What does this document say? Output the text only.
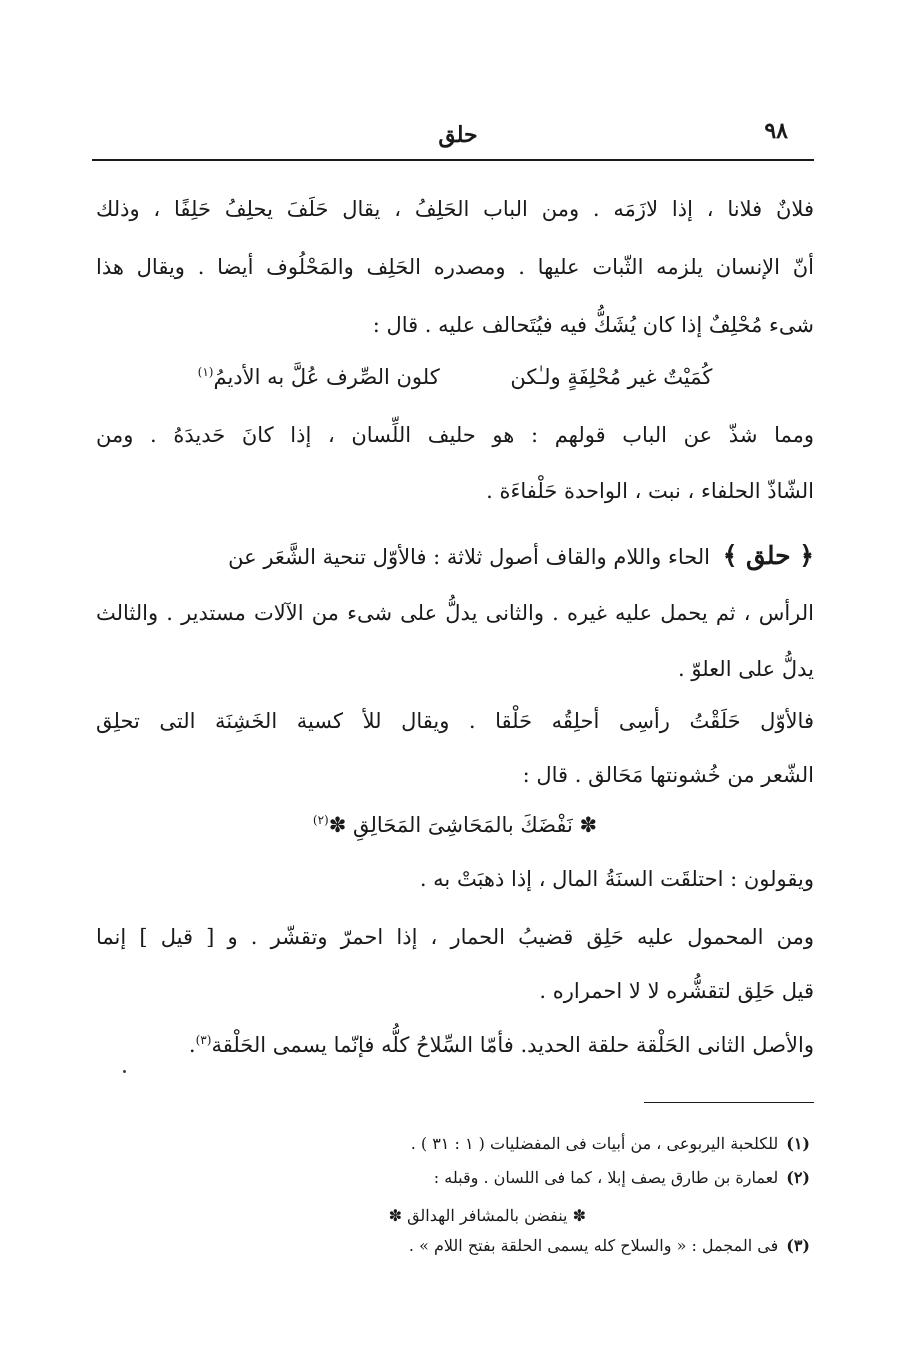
٩٨
حلق
فلانٌ فلانا ، إذا لازَمَه . ومن الباب الحَلِفُ ، يقال حَلَفَ يحلِفُ حَلِفًا ، وذلك
أنّ الإنسان يلزمه الثّبات عليها . ومصدره الحَلِف والمَحْلُوف أيضا . ويقال هذا
شىء مُحْلِفٌ إذا كان يُشَكُّ فيه فيُتَحالف عليه . قال :
كُمَيْتٌ غير مُحْلِفَةٍ ولـٰكن كلون الصِّرف عُلَّ به الأديمُ$^{(١)}$
ومما شذّ عن الباب قولهم : هو حليف اللِّسان ، إذا كانَ حَديدَهُ . ومن
الشّاذّ الحلفاء ، نبت ، الواحدة حَلْفاءَة .
﴿ حلق ﴾ الحاء واللام والقاف أصول ثلاثة : فالأوّل تنحية الشَّعَر عن
الرأس ، ثم يحمل عليه غيره . والثانى يدلُّ على شىء من الآلات مستدير . والثالث
يدلُّ على العلوّ .
فالأوّل حَلَقْتُ رأسِى أحلِقُه حَلْقا . ويقال للأ كسية الخَشِنَة التى تحلِق
الشّعر من خُشونتها مَحَالق . قال :
✽ نَفْضَكَ بالمَحَاشِىَ المَحَالِقِ ✽$^{(٢)}$
ويقولون : احتلقَت السنَةُ المال ، إذا ذهبَتْ به .
ومن المحمول عليه حَلِق قضيبُ الحمار ، إذا احمرّ وتقشّر . و [ قيل ] إنما
قيل حَلِق لتقشُّره لا لا احمراره .
والأصل الثانى الحَلْقة حلقة الحديد. فأمّا السِّلاحُ كلُّه فإنّما يسمى الحَلْقة$^{(٣)}$.
(١)للكلحبة اليربوعى ، من أبيات فى المفضليات ( ١ : ٣١ ) .
(٢)لعمارة بن طارق يصف إبلا ، كما فى اللسان . وقبله :
✽ ينفضن بالمشافر الهدالق ✽
(٣)فى المجمل : « والسلاح كله يسمى الحلقة بفتح اللام » .
